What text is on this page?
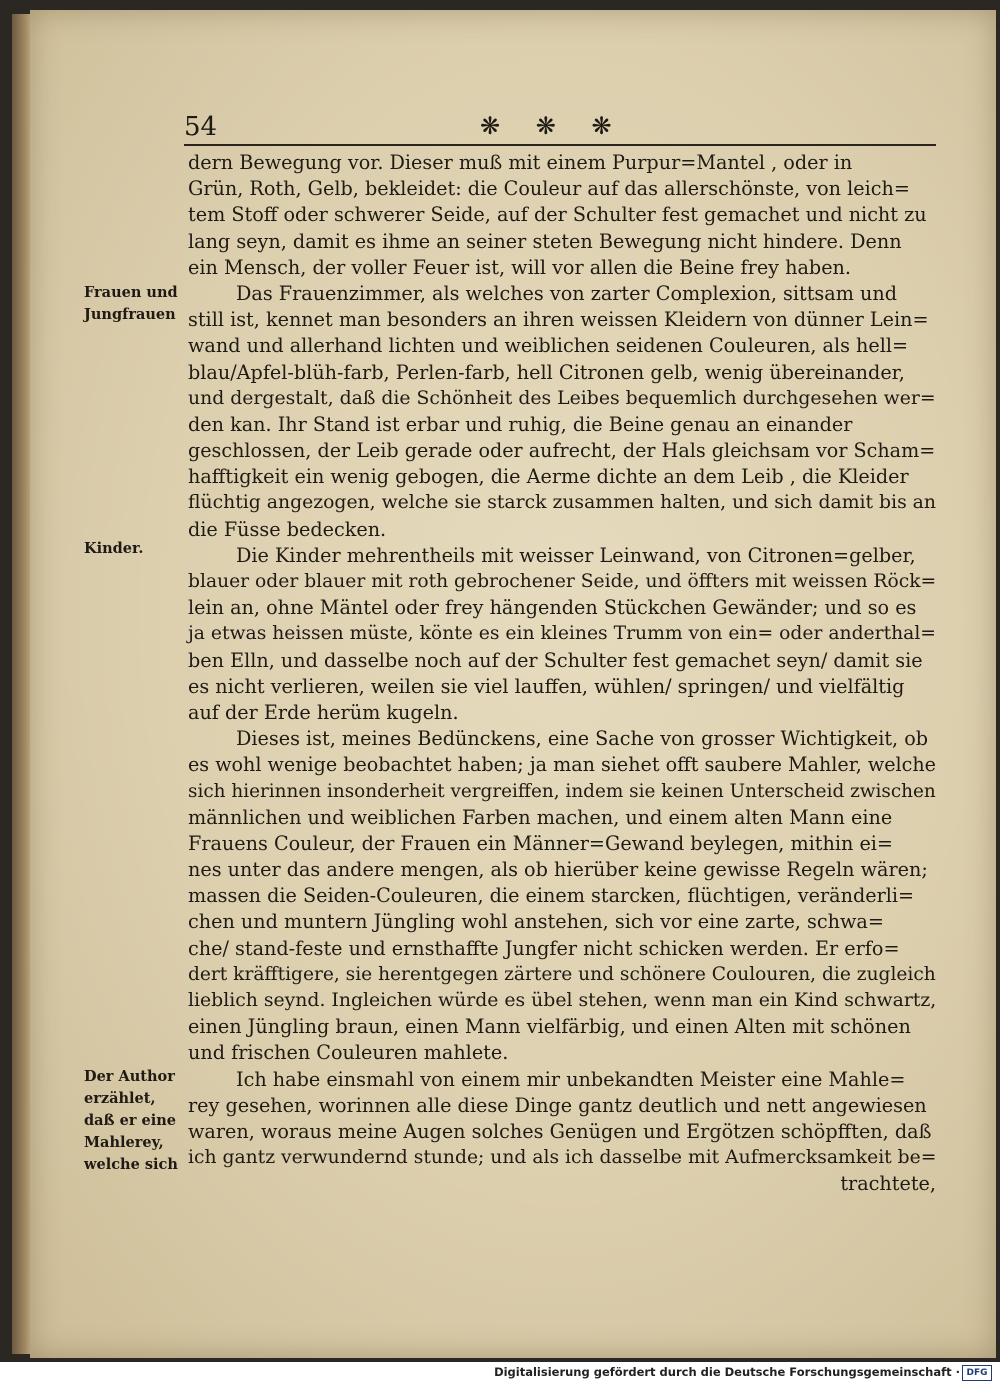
54	❋ ❋ ❋
dern Bewegung vor. Dieser muß mit einem Purpur=Mantel , oder in
Grün, Roth, Gelb, bekleidet: die Couleur auf das allerschönste, von leich=
tem Stoff oder schwerer Seide, auf der Schulter fest gemachet und nicht zu
lang seyn, damit es ihme an seiner steten Bewegung nicht hindere. Denn
ein Mensch, der voller Feuer ist, will vor allen die Beine frey haben.
Das Frauenzimmer, als welches von zarter Complexion, sittsam und
still ist, kennet man besonders an ihren weissen Kleidern von dünner Lein=
wand und allerhand lichten und weiblichen seidenen Couleuren, als hell=
blau/Apfel-blüh-farb, Perlen-farb, hell Citronen gelb, wenig übereinander,
und dergestalt, daß die Schönheit des Leibes bequemlich durchgesehen wer=
den kan. Ihr Stand ist erbar und ruhig, die Beine genau an einander
geschlossen, der Leib gerade oder aufrecht, der Hals gleichsam vor Scham=
hafftigkeit ein wenig gebogen, die Aerme dichte an dem Leib , die Kleider
flüchtig angezogen, welche sie starck zusammen halten, und sich damit bis an
die Füsse bedecken.
Die Kinder mehrentheils mit weisser Leinwand, von Citronen=gelber,
blauer oder blauer mit roth gebrochener Seide, und öffters mit weissen Röck=
lein an, ohne Mäntel oder frey hängenden Stückchen Gewänder; und so es
ja etwas heissen müste, könte es ein kleines Trumm von ein= oder anderthal=
ben Elln, und dasselbe noch auf der Schulter fest gemachet seyn/ damit sie
es nicht verlieren, weilen sie viel lauffen, wühlen/ springen/ und vielfältig
auf der Erde herüm kugeln.
Dieses ist, meines Bedünckens, eine Sache von grosser Wichtigkeit, ob
es wohl wenige beobachtet haben; ja man siehet offt saubere Mahler, welche
sich hierinnen insonderheit vergreiffen, indem sie keinen Unterscheid zwischen
männlichen und weiblichen Farben machen, und einem alten Mann eine
Frauens Couleur, der Frauen ein Männer=Gewand beylegen, mithin ei=
nes unter das andere mengen, als ob hierüber keine gewisse Regeln wären;
massen die Seiden-Couleuren, die einem starcken, flüchtigen, veränderli=
chen und muntern Jüngling wohl anstehen, sich vor eine zarte, schwa=
che/ stand-feste und ernsthaffte Jungfer nicht schicken werden. Er erfo=
dert kräfftigere, sie herentgegen zärtere und schönere Coulouren, die zugleich
lieblich seynd. Ingleichen würde es übel stehen, wenn man ein Kind schwartz,
einen Jüngling braun, einen Mann vielfärbig, und einen Alten mit schönen
und frischen Couleuren mahlete.
Ich habe einsmahl von einem mir unbekandten Meister eine Mahle=
rey gesehen, worinnen alle diese Dinge gantz deutlich und nett angewiesen
waren, woraus meine Augen solches Genügen und Ergötzen schöpfften, daß
ich gantz verwundernd stunde; und als ich dasselbe mit Aufmercksamkeit be=
trachtete,
Frauen und
Jungfrauen
Kinder.
Der Author
erzählet,
daß er eine
Mahlerey,
welche sich
Digitalisierung gefördert durch die Deutsche Forschungsgemeinschaft · DFG
